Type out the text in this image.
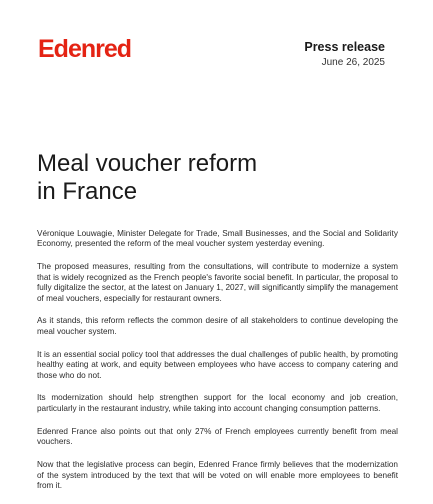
Edenred	Press release
June 26, 2025
Meal voucher reform
in France

Véronique Louwagie, Minister Delegate for Trade, Small Businesses, and the Social and Solidarity Economy, presented the reform of the meal voucher system yesterday evening.

The proposed measures, resulting from the consultations, will contribute to modernize a system that is widely recognized as the French people's favorite social benefit. In particular, the proposal to fully digitalize the sector, at the latest on January 1, 2027, will significantly simplify the management of meal vouchers, especially for restaurant owners.

As it stands, this reform reflects the common desire of all stakeholders to continue developing the meal voucher system.

It is an essential social policy tool that addresses the dual challenges of public health, by promoting healthy eating at work, and equity between employees who have access to company catering and those who do not.

Its modernization should help strengthen support for the local economy and job creation, particularly in the restaurant industry, while taking into account changing consumption patterns.

Edenred France also points out that only 27% of French employees currently benefit from meal vouchers.

Now that the legislative process can begin, Edenred France firmly believes that the modernization of the system introduced by the text that will be voted on will enable more employees to benefit from it.
